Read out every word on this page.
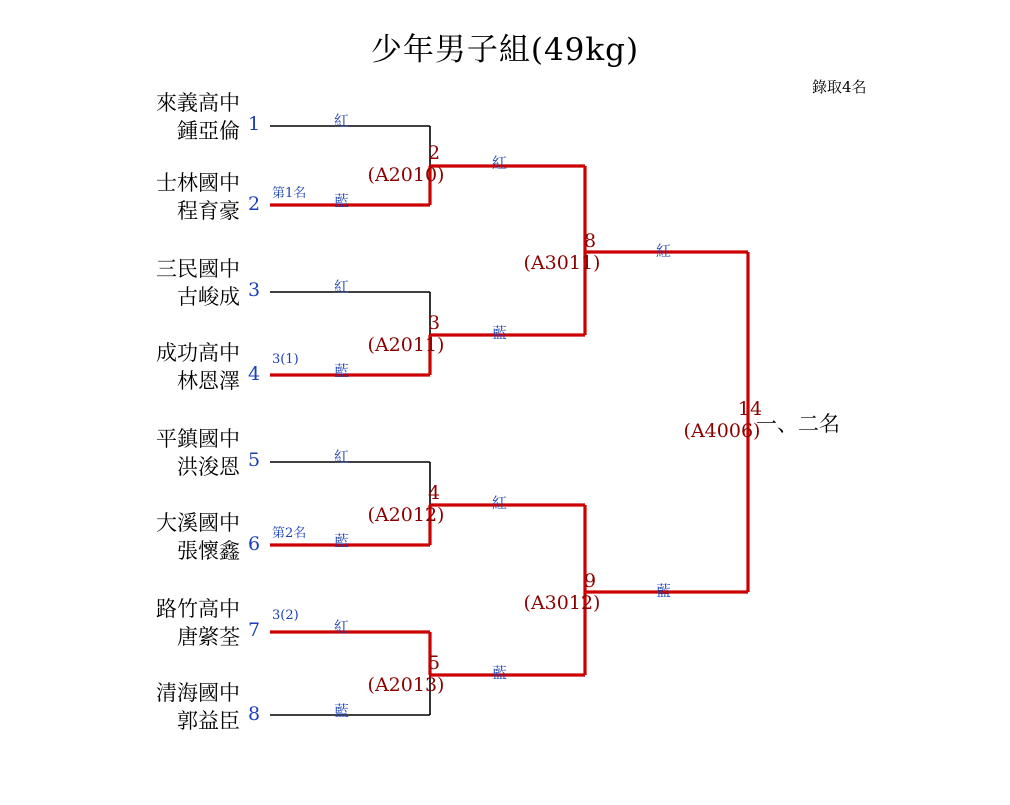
少年男子組(49kg)
錄取4名
來義高中
鍾亞倫 1	紅
士林國中
程育豪 2 第1名 藍
三民國中
古峻成 3	紅
成功高中
林恩澤 4
3(1)
藍
平鎮國中
洪浚恩 5	紅
大溪國中
張懷鑫 6 第2名 藍
路竹高中
唐綮荃 7
3(2)
紅
清海國中
郭益臣 8	藍
2
(A2010)
3
(A2011)
4
(A2012)
5
(A2013)
紅
藍
紅
藍
8
(A3011)
9
(A3012)
紅
藍
14
(A4006)
一、二名
